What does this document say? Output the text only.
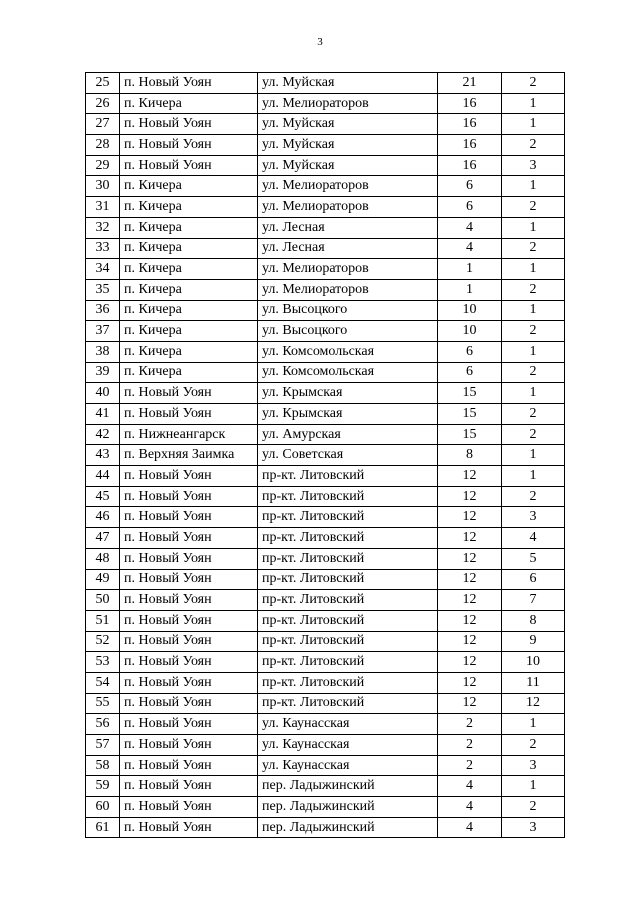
3
25	п. Новый Уоян	ул. Муйская	21	2
26	п. Кичера	ул. Мелиораторов	16	1
27	п. Новый Уоян	ул. Муйская	16	1
28	п. Новый Уоян	ул. Муйская	16	2
29	п. Новый Уоян	ул. Муйская	16	3
30	п. Кичера	ул. Мелиораторов	6	1
31	п. Кичера	ул. Мелиораторов	6	2
32	п. Кичера	ул. Лесная	4	1
33	п. Кичера	ул. Лесная	4	2
34	п. Кичера	ул. Мелиораторов	1	1
35	п. Кичера	ул. Мелиораторов	1	2
36	п. Кичера	ул. Высоцкого	10	1
37	п. Кичера	ул. Высоцкого	10	2
38	п. Кичера	ул. Комсомольская	6	1
39	п. Кичера	ул. Комсомольская	6	2
40	п. Новый Уоян	ул. Крымская	15	1
41	п. Новый Уоян	ул. Крымская	15	2
42	п. Нижнеангарск	ул. Амурская	15	2
43	п. Верхняя Заимка	ул. Советская	8	1
44	п. Новый Уоян	пр-кт. Литовский	12	1
45	п. Новый Уоян	пр-кт. Литовский	12	2
46	п. Новый Уоян	пр-кт. Литовский	12	3
47	п. Новый Уоян	пр-кт. Литовский	12	4
48	п. Новый Уоян	пр-кт. Литовский	12	5
49	п. Новый Уоян	пр-кт. Литовский	12	6
50	п. Новый Уоян	пр-кт. Литовский	12	7
51	п. Новый Уоян	пр-кт. Литовский	12	8
52	п. Новый Уоян	пр-кт. Литовский	12	9
53	п. Новый Уоян	пр-кт. Литовский	12	10
54	п. Новый Уоян	пр-кт. Литовский	12	11
55	п. Новый Уоян	пр-кт. Литовский	12	12
56	п. Новый Уоян	ул. Каунасская	2	1
57	п. Новый Уоян	ул. Каунасская	2	2
58	п. Новый Уоян	ул. Каунасская	2	3
59	п. Новый Уоян	пер. Ладыжинский	4	1
60	п. Новый Уоян	пер. Ладыжинский	4	2
61	п. Новый Уоян	пер. Ладыжинский	4	3
